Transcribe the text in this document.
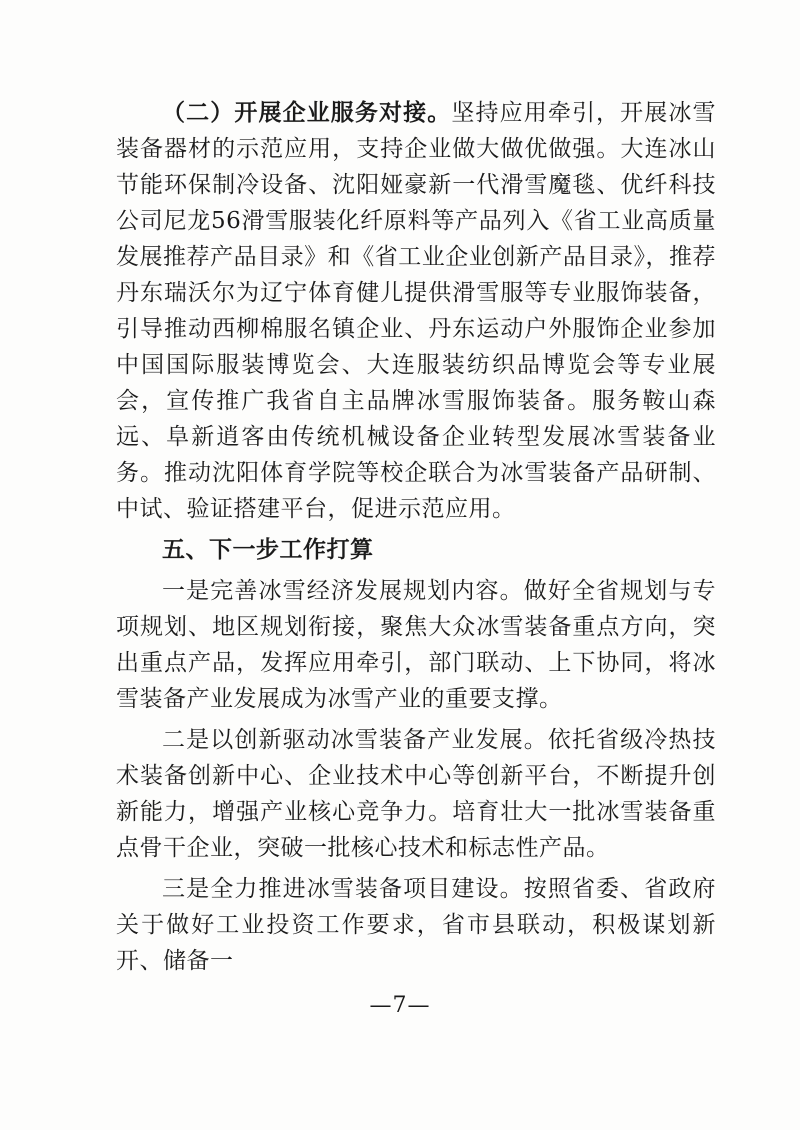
（二）开展企业服务对接。坚持应用牵引，开展冰雪装备器材的示范应用，支持企业做大做优做强。大连冰山节能环保制冷设备、沈阳娅豪新一代滑雪魔毯、优纤科技公司尼龙56滑雪服装化纤原料等产品列入《省工业高质量发展推荐产品目录》和《省工业企业创新产品目录》，推荐丹东瑞沃尔为辽宁体育健儿提供滑雪服等专业服饰装备，引导推动西柳棉服名镇企业、丹东运动户外服饰企业参加中国国际服装博览会、大连服装纺织品博览会等专业展会，宣传推广我省自主品牌冰雪服饰装备。服务鞍山森远、阜新逍客由传统机械设备企业转型发展冰雪装备业务。推动沈阳体育学院等校企联合为冰雪装备产品研制、中试、验证搭建平台，促进示范应用。

五、下一步工作打算

一是完善冰雪经济发展规划内容。做好全省规划与专项规划、地区规划衔接，聚焦大众冰雪装备重点方向，突出重点产品，发挥应用牵引，部门联动、上下协同，将冰雪装备产业发展成为冰雪产业的重要支撑。

二是以创新驱动冰雪装备产业发展。依托省级冷热技术装备创新中心、企业技术中心等创新平台，不断提升创新能力，增强产业核心竞争力。培育壮大一批冰雪装备重点骨干企业，突破一批核心技术和标志性产品。

三是全力推进冰雪装备项目建设。按照省委、省政府关于做好工业投资工作要求，省市县联动，积极谋划新开、储备一

—7—
